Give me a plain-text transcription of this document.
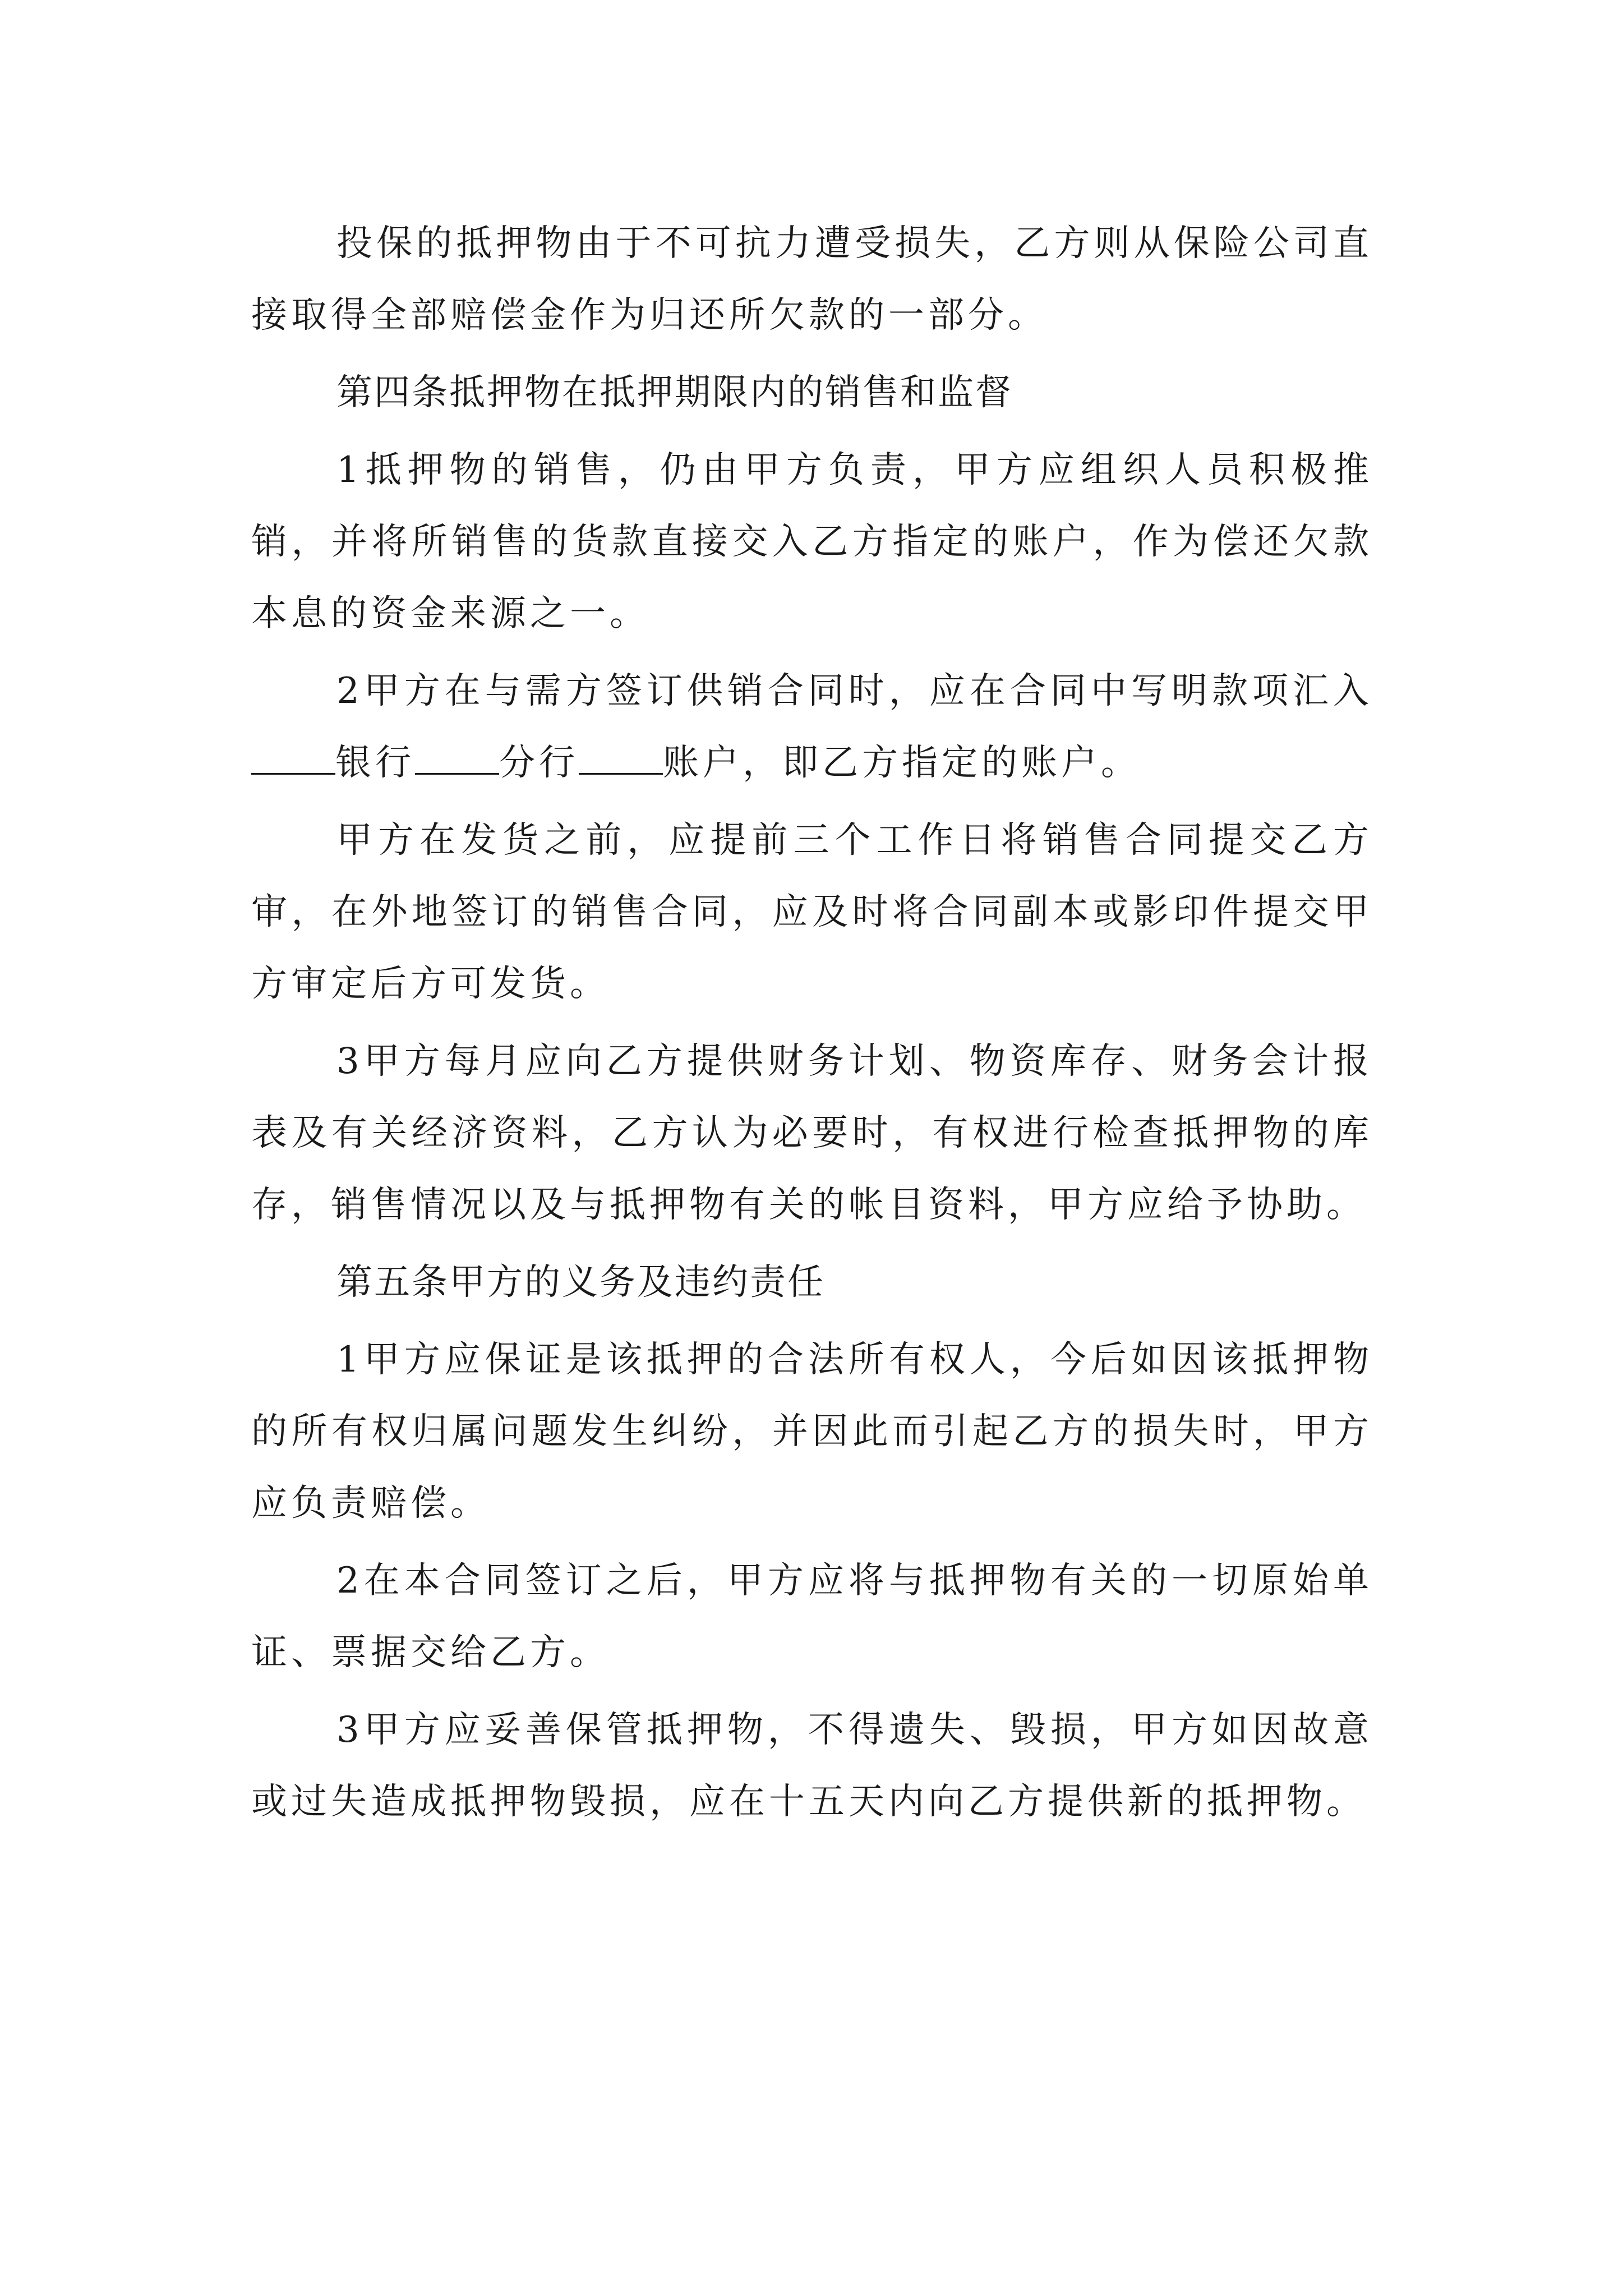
投保的抵押物由于不可抗力遭受损失，乙方则从保险公司直接取得全部赔偿金作为归还所欠款的一部分。

第四条抵押物在抵押期限内的销售和监督

1抵押物的销售，仍由甲方负责，甲方应组织人员积极推销，并将所销售的货款直接交入乙方指定的账户，作为偿还欠款本息的资金来源之一。

2甲方在与需方签订供销合同时，应在合同中写明款项汇入银行 分行 账户，即乙方指定的账户。

甲方在发货之前，应提前三个工作日将销售合同提交乙方审，在外地签订的销售合同，应及时将合同副本或影印件提交甲方审定后方可发货。

3甲方每月应向乙方提供财务计划、物资库存、财务会计报表及有关经济资料，乙方认为必要时，有权进行检查抵押物的库存，销售情况以及与抵押物有关的帐目资料，甲方应给予协助。

第五条甲方的义务及违约责任

1甲方应保证是该抵押的合法所有权人，今后如因该抵押物的所有权归属问题发生纠纷，并因此而引起乙方的损失时，甲方应负责赔偿。

2在本合同签订之后，甲方应将与抵押物有关的一切原始单证、票据交给乙方。

3甲方应妥善保管抵押物，不得遗失、毁损，甲方如因故意或过失造成抵押物毁损，应在十五天内向乙方提供新的抵押物。
